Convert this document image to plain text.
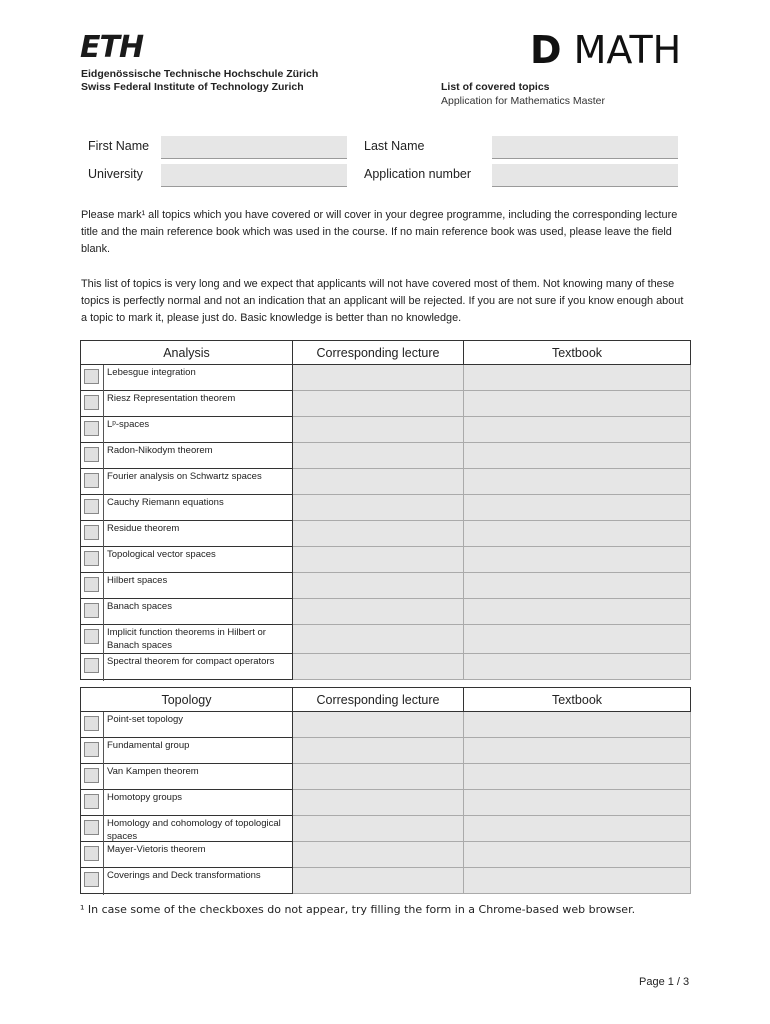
ETH
Eidgenössische Technische Hochschule Zürich
Swiss Federal Institute of Technology Zurich
D MATH
List of covered topics
Application for Mathematics Master
First Name	Last Name
University	Application number
Please mark¹ all topics which you have covered or will cover in your degree programme, including the corresponding lecture title and the main reference book which was used in the course. If no main reference book was used, please leave the field blank.
This list of topics is very long and we expect that applicants will not have covered most of them. Not knowing many of these topics is perfectly normal and not an indication that an applicant will be rejected. If you are not sure if you know enough about a topic to mark it, please just do. Basic knowledge is better than no knowledge.
Analysis	Corresponding lecture	Textbook

Lebesgue integration		

Riesz Representation theorem		

Lᵖ-spaces		

Radon-Nikodym theorem		

Fourier analysis on Schwartz spaces		

Cauchy Riemann equations		

Residue theorem		

Topological vector spaces		

Hilbert spaces		

Banach spaces		

Implicit function theorems in Hilbert or Banach spaces		

Spectral theorem for compact operators		

Topology	Corresponding lecture	Textbook

Point-set topology		

Fundamental group		

Van Kampen theorem		

Homotopy groups		

Homology and cohomology of topological spaces		

Mayer-Vietoris theorem		

Coverings and Deck transformations		

¹ In case some of the checkboxes do not appear, try filling the form in a Chrome-based web browser.
Page 1 / 3
